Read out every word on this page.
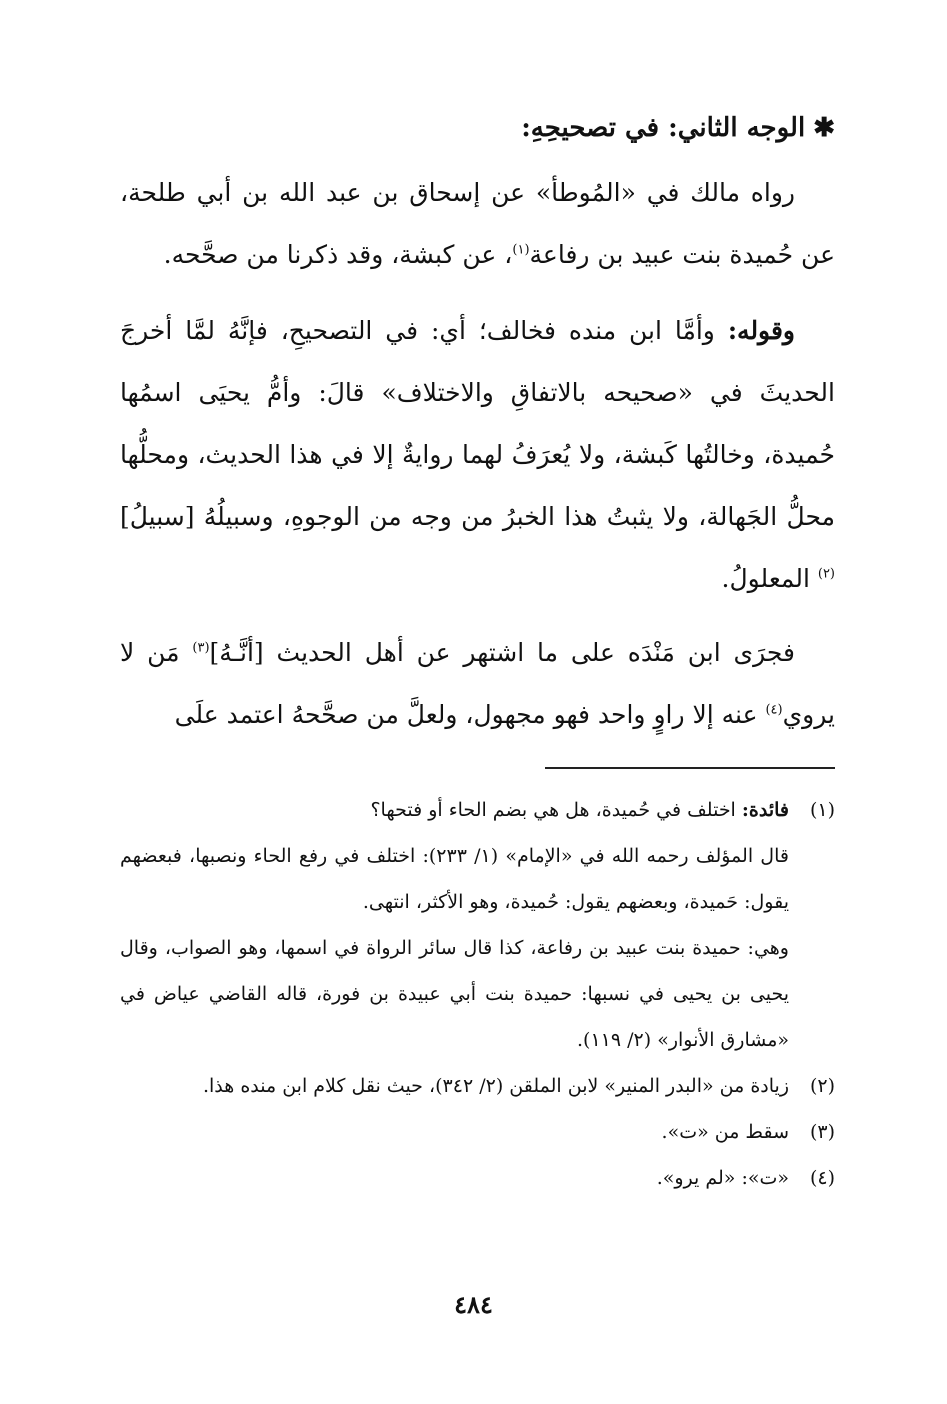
✱الوجه الثاني: في تصحيحِهِ:

رواه مالك في «المُوطأ» عن إسحاق بن عبد الله بن أبي طلحة، عن حُميدة بنت عبيد بن رفاعة$^{(١)}$، عن كبشة، وقد ذكرنا من صحَّحه.

وقوله: وأمَّا ابن منده فخالف؛ أي: في التصحيحِ، فإنَّهُ لمَّا أخرجَ الحديثَ في «صحيحه بالاتفاقِ والاختلاف» قالَ: وأمُّ يحيَى اسمُها حُميدة، وخالتُها كَبشة، ولا يُعرَفُ لهما روايةٌ إلا في هذا الحديث، ومحلُّها محلُّ الجَهالة، ولا يثبتُ هذا الخبرُ من وجه من الوجوهِ، وسبيلُهُ [سبيلُ]$^{(٢)}$ المعلولُ.

فجرَى ابن مَنْدَه على ما اشتهر عن أهل الحديث [أنَّـهُ]$^{(٣)}$ مَن لا يروي$^{(٤)}$ عنه إلا راوٍ واحد فهو مجهول، ولعلَّ من صحَّحهُ اعتمد علَى

(١)
فائدة: اختلف في حُميدة، هل هي بضم الحاء أو فتحها؟
قال المؤلف رحمه الله في «الإمام» (١/ ٢٣٣): اختلف في رفع الحاء ونصبها، فبعضهم يقول: حَميدة، وبعضهم يقول: حُميدة، وهو الأكثر، انتهى.
وهي: حميدة بنت عبيد بن رفاعة، كذا قال سائر الرواة في اسمها، وهو الصواب، وقال يحيى بن يحيى في نسبها: حميدة بنت أبي عبيدة بن فورة، قاله القاضي عياض في «مشارق الأنوار» (٢/ ١١٩).
(٢)
زيادة من «البدر المنير» لابن الملقن (٢/ ٣٤٢)، حيث نقل كلام ابن منده هذا.
(٣)
سقط من «ت».
(٤)
«ت»: «لم يرو».
٤٨٤
